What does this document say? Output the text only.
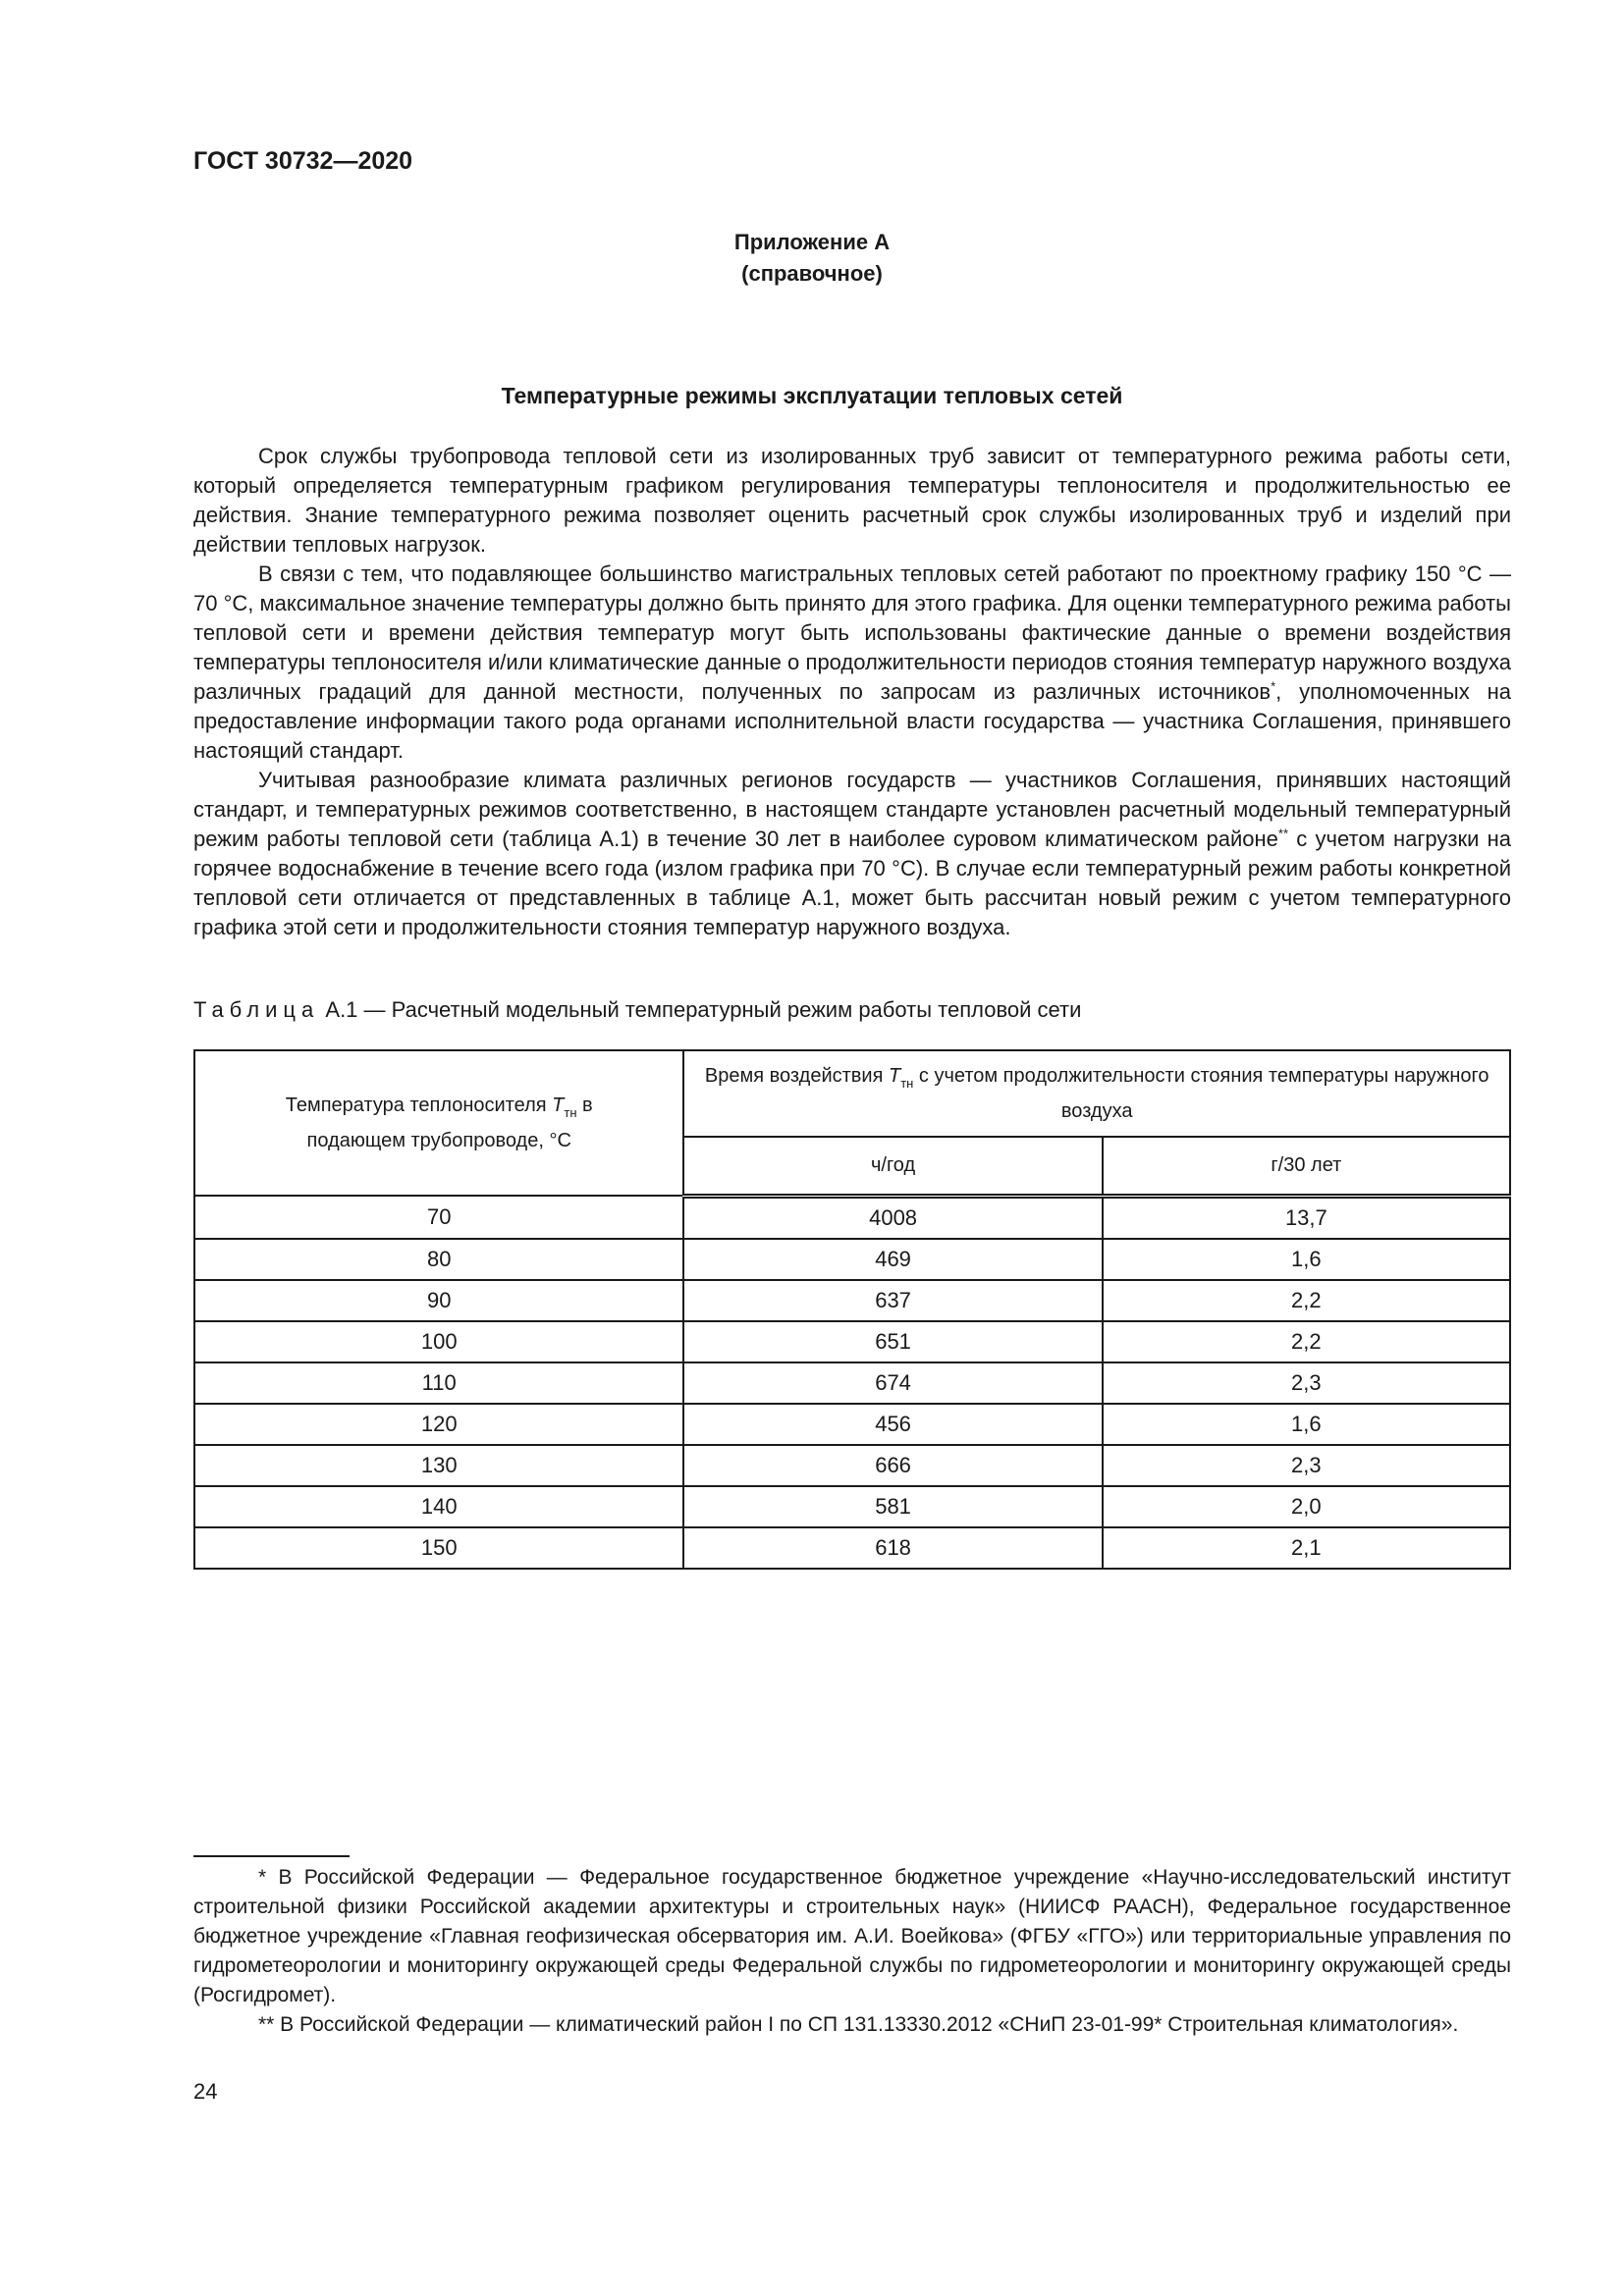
ГОСТ 30732—2020
Приложение А
(справочное)
Температурные режимы эксплуатации тепловых сетей

Срок службы трубопровода тепловой сети из изолированных труб зависит от температурного режима работы сети, который определяется температурным графиком регулирования температуры теплоносителя и продолжительностью ее действия. Знание температурного режима позволяет оценить расчетный срок службы изолированных труб и изделий при действии тепловых нагрузок.

В связи с тем, что подавляющее большинство магистральных тепловых сетей работают по проектному графику 150 °С — 70 °С, максимальное значение температуры должно быть принято для этого графика. Для оценки температурного режима работы тепловой сети и времени действия температур могут быть использованы фактические данные о времени воздействия температуры теплоносителя и/или климатические данные о продолжительности периодов стояния температур наружного воздуха различных градаций для данной местности, полученных по запросам из различных источников*, уполномоченных на предоставление информации такого рода органами исполнительной власти государства — участника Соглашения, принявшего настоящий стандарт.

Учитывая разнообразие климата различных регионов государств — участников Соглашения, принявших настоящий стандарт, и температурных режимов соответственно, в настоящем стандарте установлен расчетный модельный температурный режим работы тепловой сети (таблица А.1) в течение 30 лет в наиболее суровом климатическом районе** с учетом нагрузки на горячее водоснабжение в течение всего года (излом графика при 70 °С). В случае если температурный режим работы конкретной тепловой сети отличается от представленных в таблице А.1, может быть рассчитан новый режим с учетом температурного графика этой сети и продолжительности стояния температур наружного воздуха.

Таблица А.1 — Расчетный модельный температурный режим работы тепловой сети
Температура теплоносителя $T_{тн}$ в подающем трубопроводе, °С	Время воздействия $T_{тн}$ с учетом продолжительности стояния температуры наружного воздуха	

	ч/год	г/30 лет
70	4008	13,7
80	469	1,6
90	637	2,2
100	651	2,2
110	674	2,3
120	456	1,6
130	666	2,3
140	581	2,0
150	618	2,1

* В Российской Федерации — Федеральное государственное бюджетное учреждение «Научно-исследовательский институт строительной физики Российской академии архитектуры и строительных наук» (НИИСФ РААСН), Федеральное государственное бюджетное учреждение «Главная геофизическая обсерватория им. А.И. Воейкова» (ФГБУ «ГГО») или территориальные управления по гидрометеорологии и мониторингу окружающей среды Федеральной службы по гидрометеорологии и мониторингу окружающей среды (Росгидромет).

** В Российской Федерации — климатический район I по СП 131.13330.2012 «СНиП 23-01-99* Строительная климатология».

24
